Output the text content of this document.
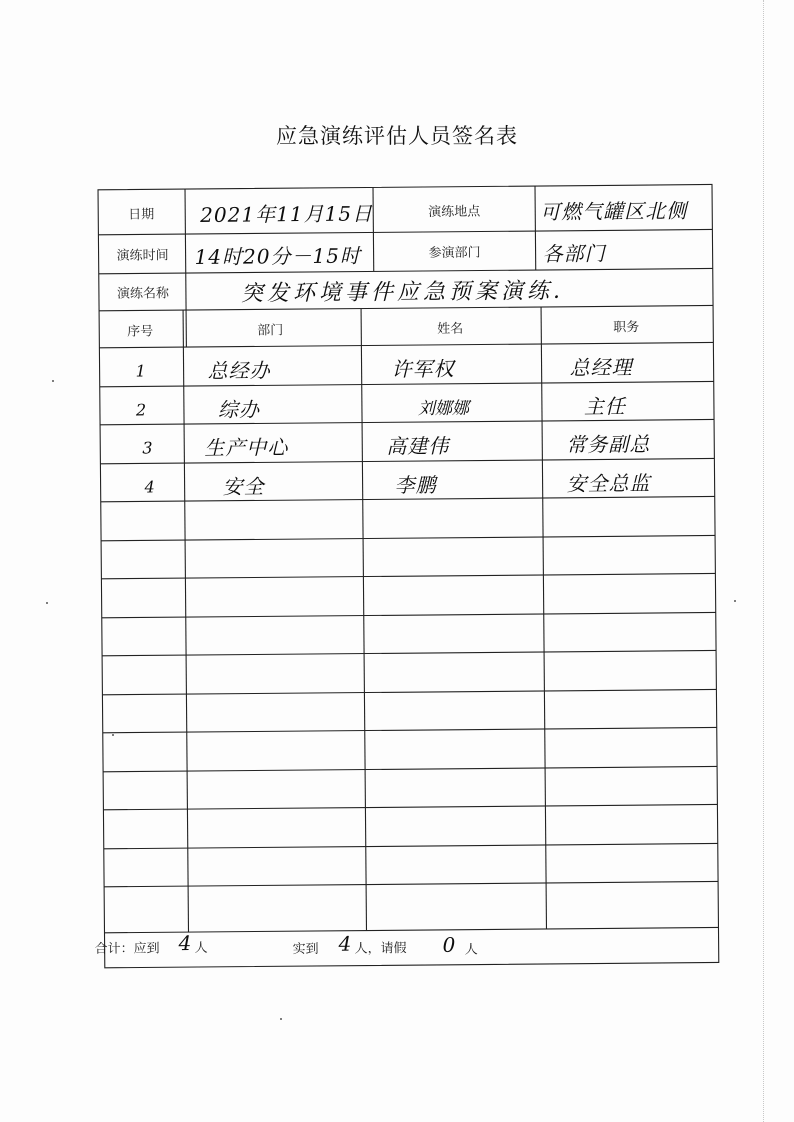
应急演练评估人员签名表
日期 2021年11月15日	演练地点	可燃气罐区北侧
演练时间 14时20分－15时	参演部门	各部门
演练名称	突发环境事件应急预案演练.
序号	部门	姓名	职务
1	总经办	许军权	总经理
2	综办	刘娜娜	主任
3	生产中心	高建伟	常务副总
4	安全	李鹏	安全总监
合计：应到 4 人	实到 4 人，请假 0 人
